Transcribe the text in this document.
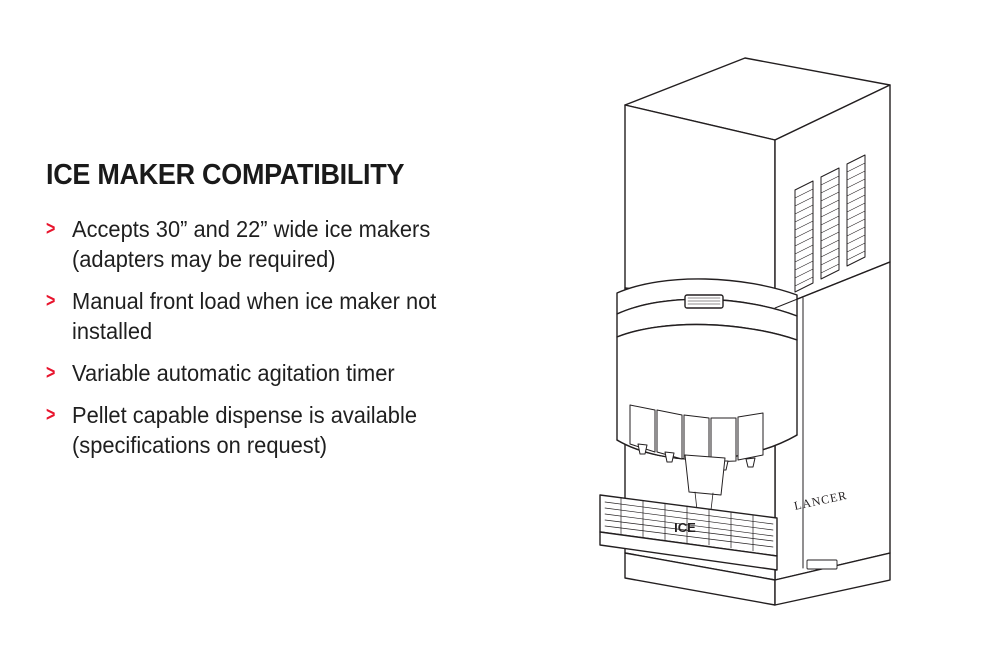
ICE MAKER COMPATIBILITY
> Accepts 30” and 22” wide ice makers (adapters may be required)
> Manual front load when ice maker not installed
> Variable automatic agitation timer
> Pellet capable dispense is available (specifications on request)
ICE
LANCER
